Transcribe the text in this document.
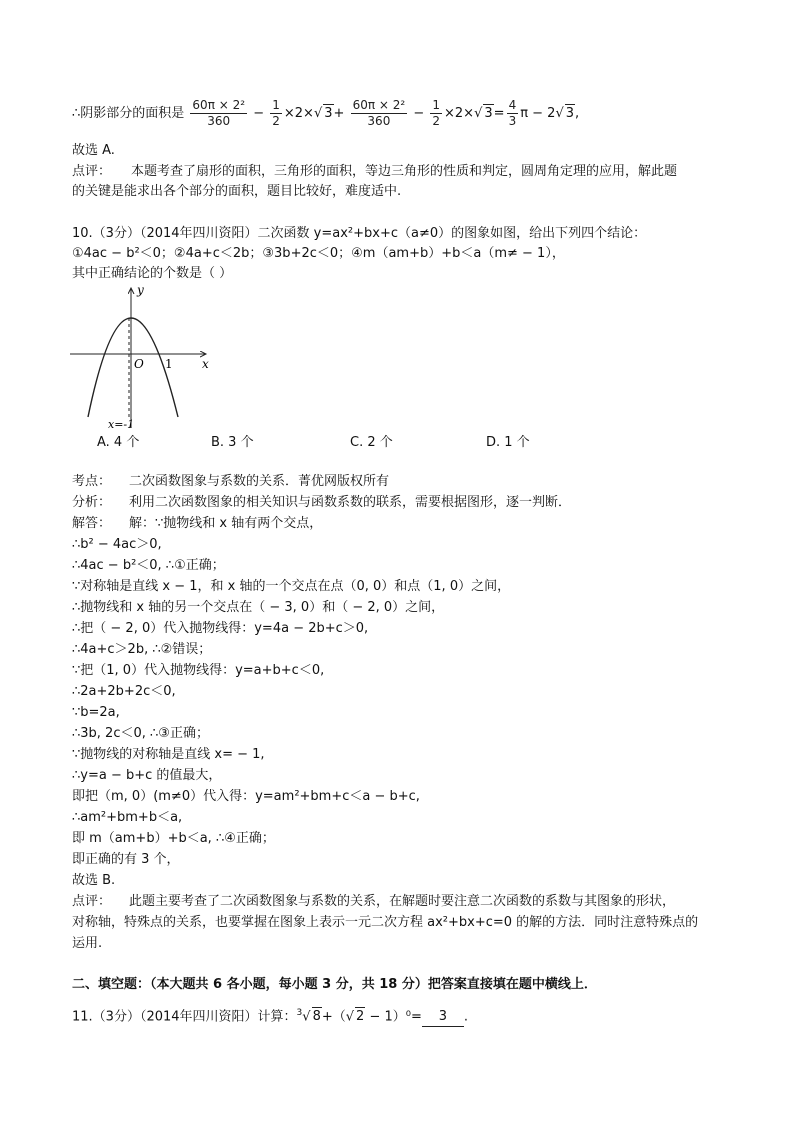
∴阴影部分的面积是 $\frac{\text{60π × 2²}}{360} - \frac{1}{2} \times 2\times√$ $3+ \frac{\text{60π × 2²}}{360} - \frac{1}{2} \times 2\times√$ $3= \frac{4}{3}$ π − 2√ 3,
故选 A.
点评： 本题考查了扇形的面积，三角形的面积，等边三角形的性质和判定，圆周角定理的应用，解此题
的关键是能求出各个部分的面积，题目比较好，难度适中.
10.（3分）（2014年四川资阳）二次函数 y=ax²+bx+c（a≠0）的图象如图，给出下列四个结论：
①4ac − b²＜0；②4a+c＜2b；③3b+2c＜0；④m（am+b）+b＜a（m≠ − 1），
其中正确结论的个数是（ ）
y
x
O 1
x=-1
A. 4 个	B. 3 个	C. 2 个	D. 1 个
考点： 二次函数图象与系数的关系．菁优网版权所有
分析： 利用二次函数图象的相关知识与函数系数的联系，需要根据图形，逐一判断．
解答： 解：∵抛物线和 x 轴有两个交点，
∴b² − 4ac＞0,
∴4ac − b²＜0, ∴①正确；
∵对称轴是直线 x − 1，和 x 轴的一个交点在点（0, 0）和点（1, 0）之间，
∴抛物线和 x 轴的另一个交点在（ − 3, 0）和（ − 2, 0）之间，
∴把（ − 2, 0）代入抛物线得：y=4a − 2b+c＞0,
∴4a+c＞2b, ∴②错误；
∵把（1, 0）代入抛物线得：y=a+b+c＜0,
∴2a+2b+2c＜0,
∵b=2a,
∴3b, 2c＜0, ∴③正确；
∵抛物线的对称轴是直线 x= − 1,
∴y=a − b+c 的值最大，
即把（m, 0）(m≠0）代入得：y=am²+bm+c＜a − b+c,
∴am²+bm+b＜a,
即 m（am+b）+b＜a, ∴④正确；
即正确的有 3 个，
故选 B.
点评： 此题主要考查了二次函数图象与系数的关系，在解题时要注意二次函数的系数与其图象的形状，
对称轴，特殊点的关系，也要掌握在图象上表示一元二次方程 ax²+bx+c=0 的解的方法．同时注意特殊点的
运用.
二、填空题：（本大题共 6 各小题，每小题 3 分，共 18 分）把答案直接填在题中横线上．
11.（3分）（2014年四川资阳）计算：$^3$√ 8+（√ 2 − 1）⁰= 3 .
